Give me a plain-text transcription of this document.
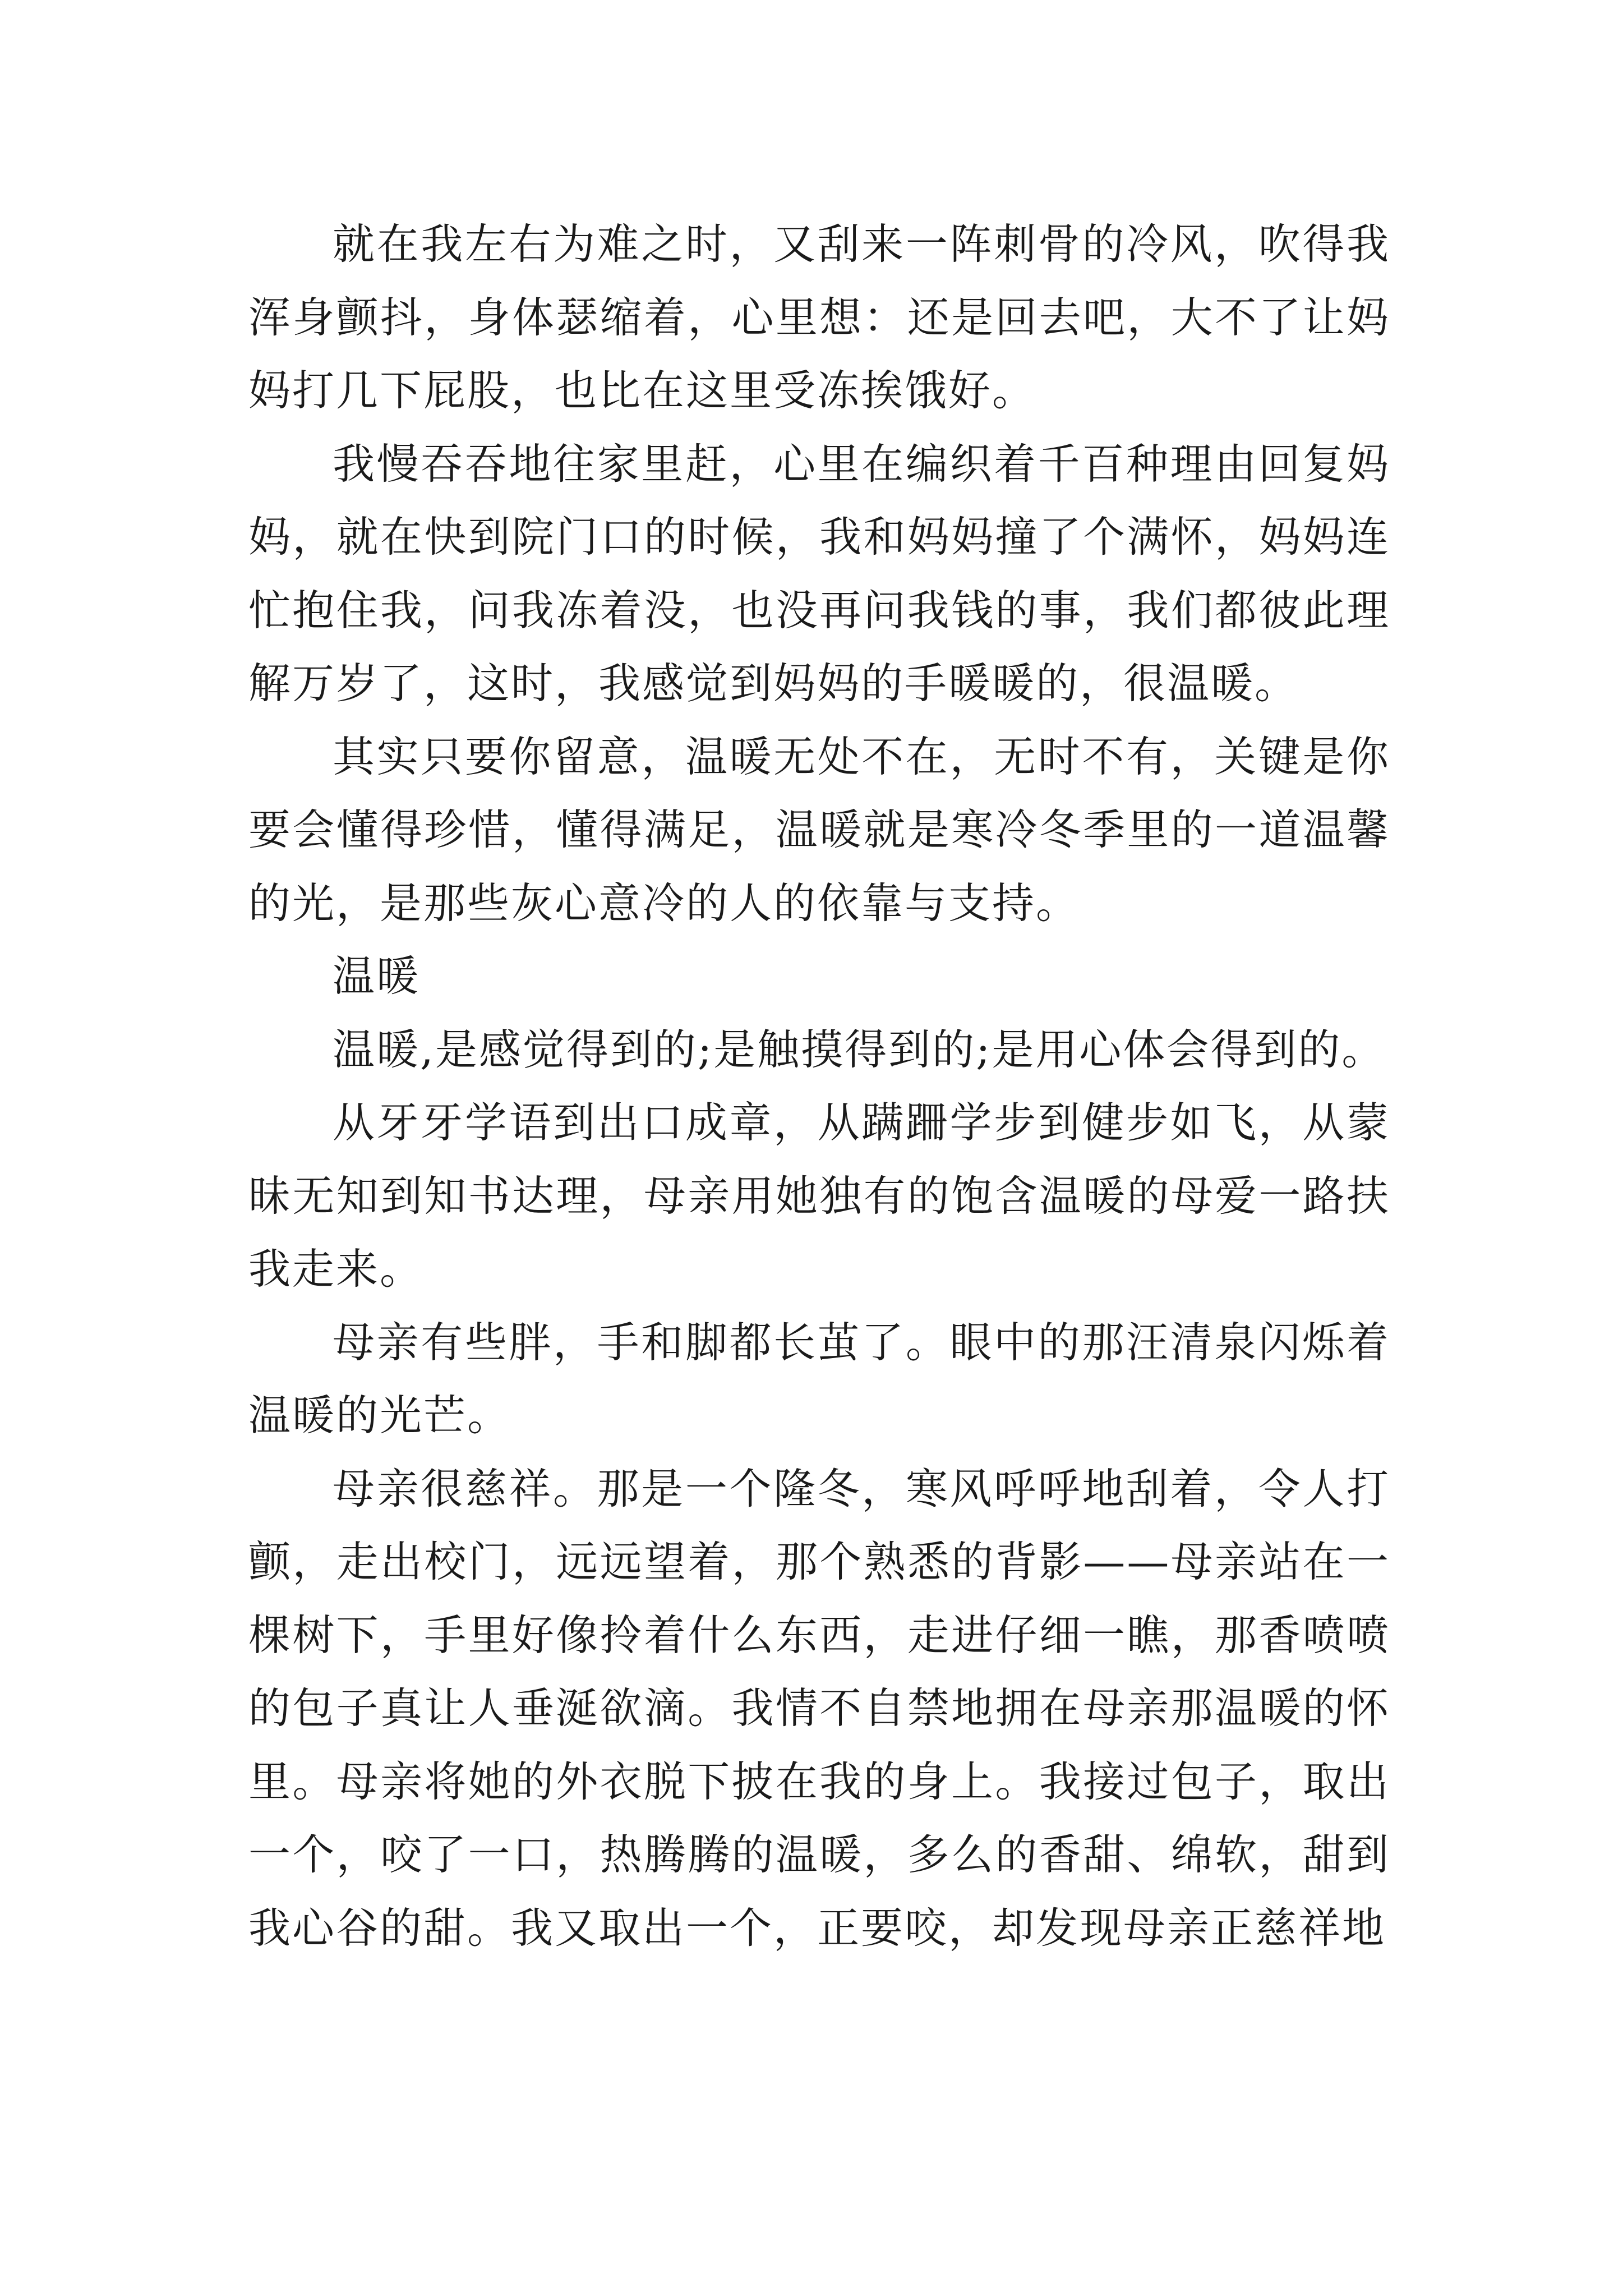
就在我左右为难之时，又刮来一阵刺骨的冷风，吹得我浑身颤抖，身体瑟缩着，心里想：还是回去吧，大不了让妈妈打几下屁股，也比在这里受冻挨饿好。

我慢吞吞地往家里赶，心里在编织着千百种理由回复妈妈，就在快到院门口的时候，我和妈妈撞了个满怀，妈妈连忙抱住我，问我冻着没，也没再问我钱的事，我们都彼此理解万岁了，这时，我感觉到妈妈的手暖暖的，很温暖。

其实只要你留意，温暖无处不在，无时不有，关键是你要会懂得珍惜，懂得满足，温暖就是寒冷冬季里的一道温馨的光，是那些灰心意冷的人的依靠与支持。

温暖

温暖,是感觉得到的;是触摸得到的;是用心体会得到的。

从牙牙学语到出口成章，从蹒跚学步到健步如飞，从蒙昧无知到知书达理，母亲用她独有的饱含温暖的母爱一路扶我走来。

母亲有些胖，手和脚都长茧了。眼中的那汪清泉闪烁着温暖的光芒。

母亲很慈祥。那是一个隆冬，寒风呼呼地刮着，令人打颤，走出校门，远远望着，那个熟悉的背影——母亲站在一棵树下，手里好像拎着什么东西，走进仔细一瞧，那香喷喷的包子真让人垂涎欲滴。我情不自禁地拥在母亲那温暖的怀里。母亲将她的外衣脱下披在我的身上。我接过包子，取出一个，咬了一口，热腾腾的温暖，多么的香甜、绵软，甜到我心谷的甜。我又取出一个，正要咬，却发现母亲正慈祥地
